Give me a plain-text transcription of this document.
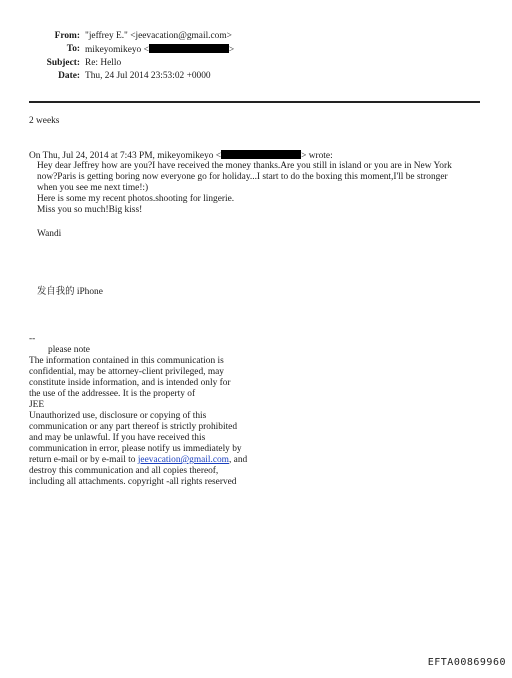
From: "jeffrey E." <jeevacation@gmail.com>
To: mikeyomikeyo <	>
Subject: Re: Hello
Date: Thu, 24 Jul 2014 23:53:02 +0000
2 weeks
On Thu, Jul 24, 2014 at 7:43 PM, mikeyomikeyo <	> wrote:
Hey dear Jeffrey how are you?I have received the money thanks.Are you still in island or you are in New York
now?Paris is getting boring now everyone go for holiday...I start to do the boxing this moment,I'll be stronger
when you see me next time!:)
Here is some my recent photos.shooting for lingerie.
Miss you so much!Big kiss!
Wandi
发自我的 iPhone
--
please note
The information contained in this communication is
confidential, may be attorney-client privileged, may
constitute inside information, and is intended only for
the use of the addressee. It is the property of
JEE
Unauthorized use, disclosure or copying of this
communication or any part thereof is strictly prohibited
and may be unlawful. If you have received this
communication in error, please notify us immediately by
return e-mail or by e-mail to jeevacation@gmail.com, and
destroy this communication and all copies thereof,
including all attachments. copyright -all rights reserved
EFTA00869960
